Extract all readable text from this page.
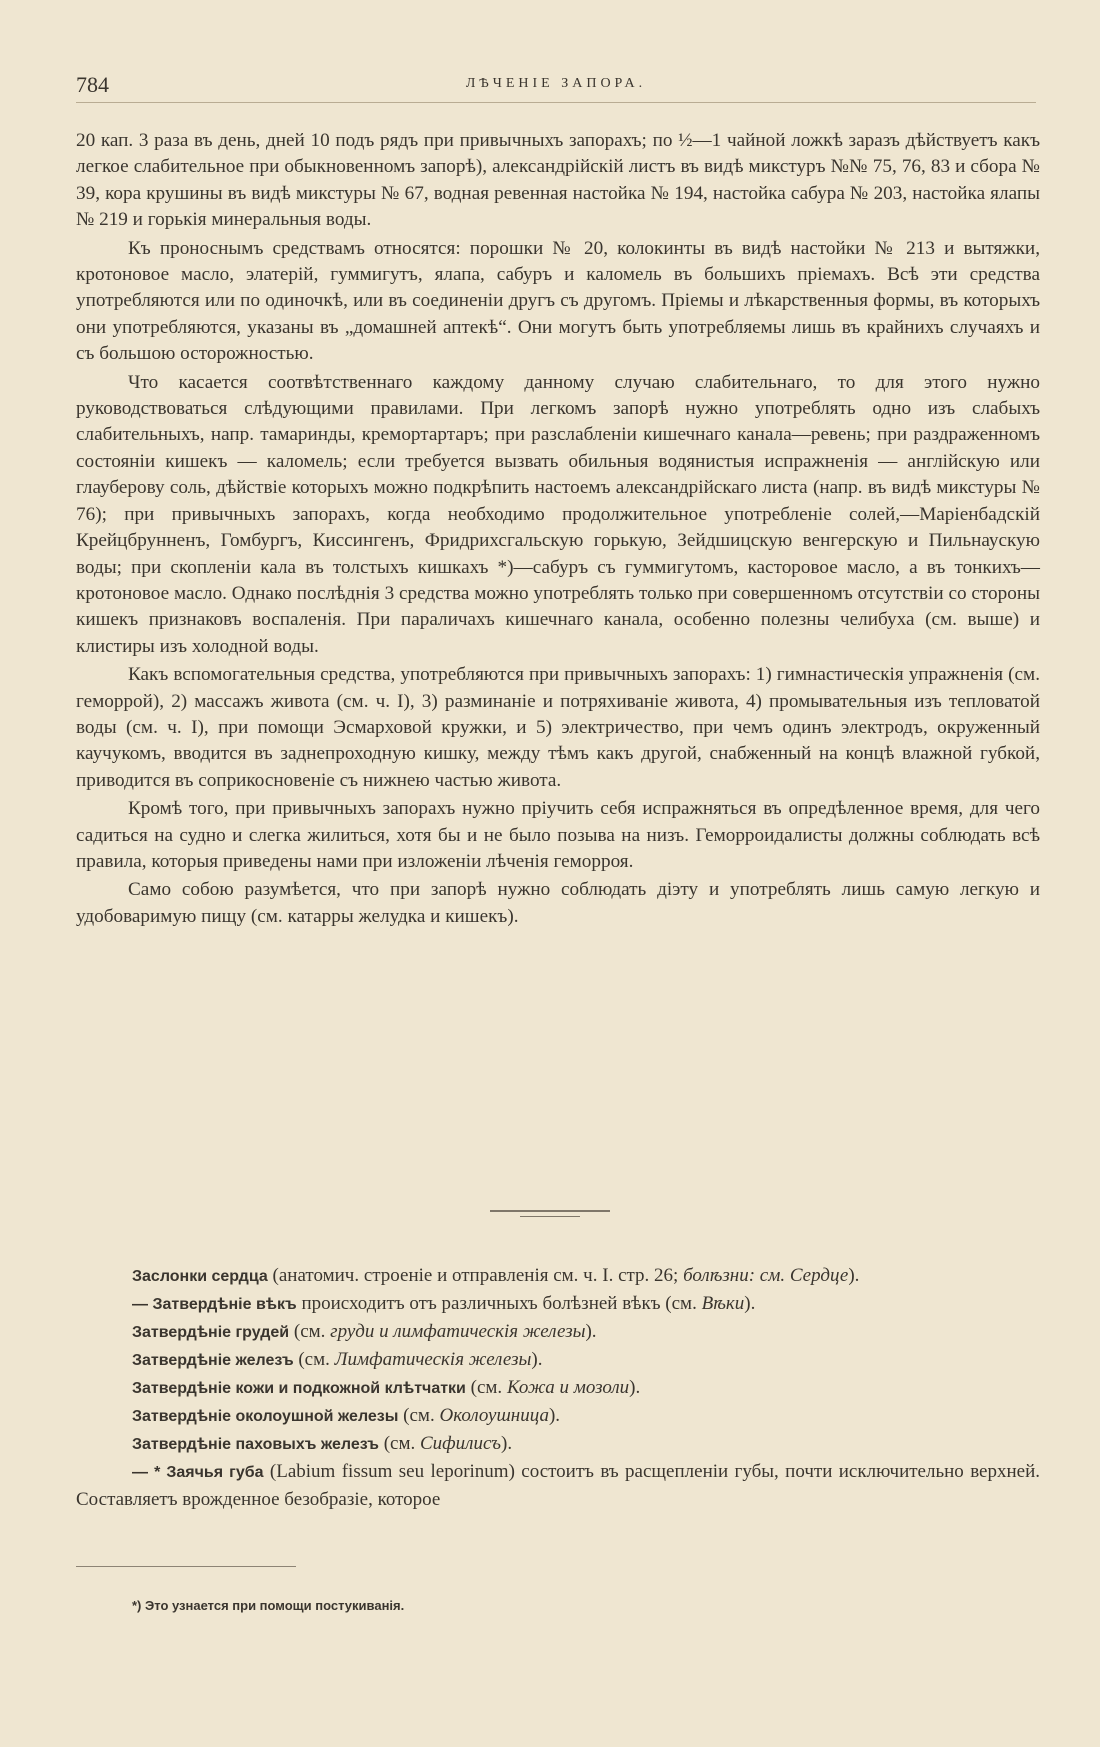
784	ЛѢЧЕНІЕ ЗАПОРА.

20 кап. 3 раза въ день, дней 10 подъ рядъ при привычныхъ запорахъ; по ½—1 чайной ложкѣ заразъ дѣйствуетъ какъ легкое слабительное при обыкновенномъ запорѣ), александрійскій листъ въ видѣ микстуръ №№ 75, 76, 83 и сбора № 39, кора крушины въ видѣ микстуры № 67, водная ревенная настойка № 194, настойка сабура № 203, настойка ялапы № 219 и горькія минеральныя воды.

Къ проноснымъ средствамъ относятся: порошки № 20, колокинты въ видѣ настойки № 213 и вытяжки, кротоновое масло, элатерій, гуммигутъ, ялапа, сабуръ и каломель въ большихъ пріемахъ. Всѣ эти средства употребляются или по одиночкѣ, или въ соединеніи другъ съ другомъ. Пріемы и лѣкарственныя формы, въ которыхъ они употребляются, указаны въ „домашней аптекѣ“. Они могутъ быть употребляемы лишь въ крайнихъ случаяхъ и съ большою осторожностью.

Что касается соотвѣтственнаго каждому данному случаю слабительнаго, то для этого нужно руководствоваться слѣдующими правилами. При легкомъ запорѣ нужно употреблять одно изъ слабыхъ слабительныхъ, напр. тамаринды, кремортартаръ; при разслабленіи кишечнаго канала—ревень; при раздраженномъ состояніи кишекъ — каломель; если требуется вызвать обильныя водянистыя испражненія — англійскую или глауберову соль, дѣйствіе которыхъ можно подкрѣпить настоемъ александрійскаго листа (напр. въ видѣ микстуры № 76); при привычныхъ запорахъ, когда необходимо продолжительное употребленіе солей,—Маріенбадскій Крейцбрунненъ, Гомбургъ, Киссингенъ, Фридрихсгальскую горькую, Зейдшицскую венгерскую и Пильнаускую воды; при скопленіи кала въ толстыхъ кишкахъ *)—сабуръ съ гуммигутомъ, касторовое масло, а въ тонкихъ—кротоновое масло. Однако послѣднія 3 средства можно употреблять только при совершенномъ отсутствіи со стороны кишекъ признаковъ воспаленія. При параличахъ кишечнаго канала, особенно полезны челибуха (см. выше) и клистиры изъ холодной воды.

Какъ вспомогательныя средства, употребляются при привычныхъ запорахъ: 1) гимнастическія упражненія (см. геморрой), 2) массажъ живота (см. ч. I), 3) разминаніе и потряхиваніе живота, 4) промывательныя изъ тепловатой воды (см. ч. I), при помощи Эсмарховой кружки, и 5) электричество, при чемъ одинъ электродъ, окруженный каучукомъ, вводится въ заднепроходную кишку, между тѣмъ какъ другой, снабженный на концѣ влажной губкой, приводится въ соприкосновеніе съ нижнею частью живота.

Кромѣ того, при привычныхъ запорахъ нужно пріучить себя испражняться въ опредѣленное время, для чего садиться на судно и слегка жилиться, хотя бы и не было позыва на низъ. Геморроидалисты должны соблюдать всѣ правила, которыя приведены нами при изложеніи лѣченія геморроя.

Само собою разумѣется, что при запорѣ нужно соблюдать діэту и употреблять лишь самую легкую и удобоваримую пищу (см. катарры желудка и кишекъ).

Заслонки сердца (анатомич. строеніе и отправленія см. ч. I. стр. 26; болѣзни: см. Сердце).

— Затвердѣніе вѣкъ происходитъ отъ различныхъ болѣзней вѣкъ (см. Вѣки).

Затвердѣніе грудей (см. груди и лимфатическія железы).

Затвердѣніе железъ (см. Лимфатическія железы).

Затвердѣніе кожи и подкожной клѣтчатки (см. Кожа и мозоли).

Затвердѣніе околоушной железы (см. Околоушница).

Затвердѣніе паховыхъ железъ (см. Сифилисъ).

— * Заячья губа (Labium fissum seu leporinum) состоитъ въ расщепленіи губы, почти исключительно верхней. Составляетъ врожденное безобразіе, которое

*) Это узнается при помощи постукиванія.
